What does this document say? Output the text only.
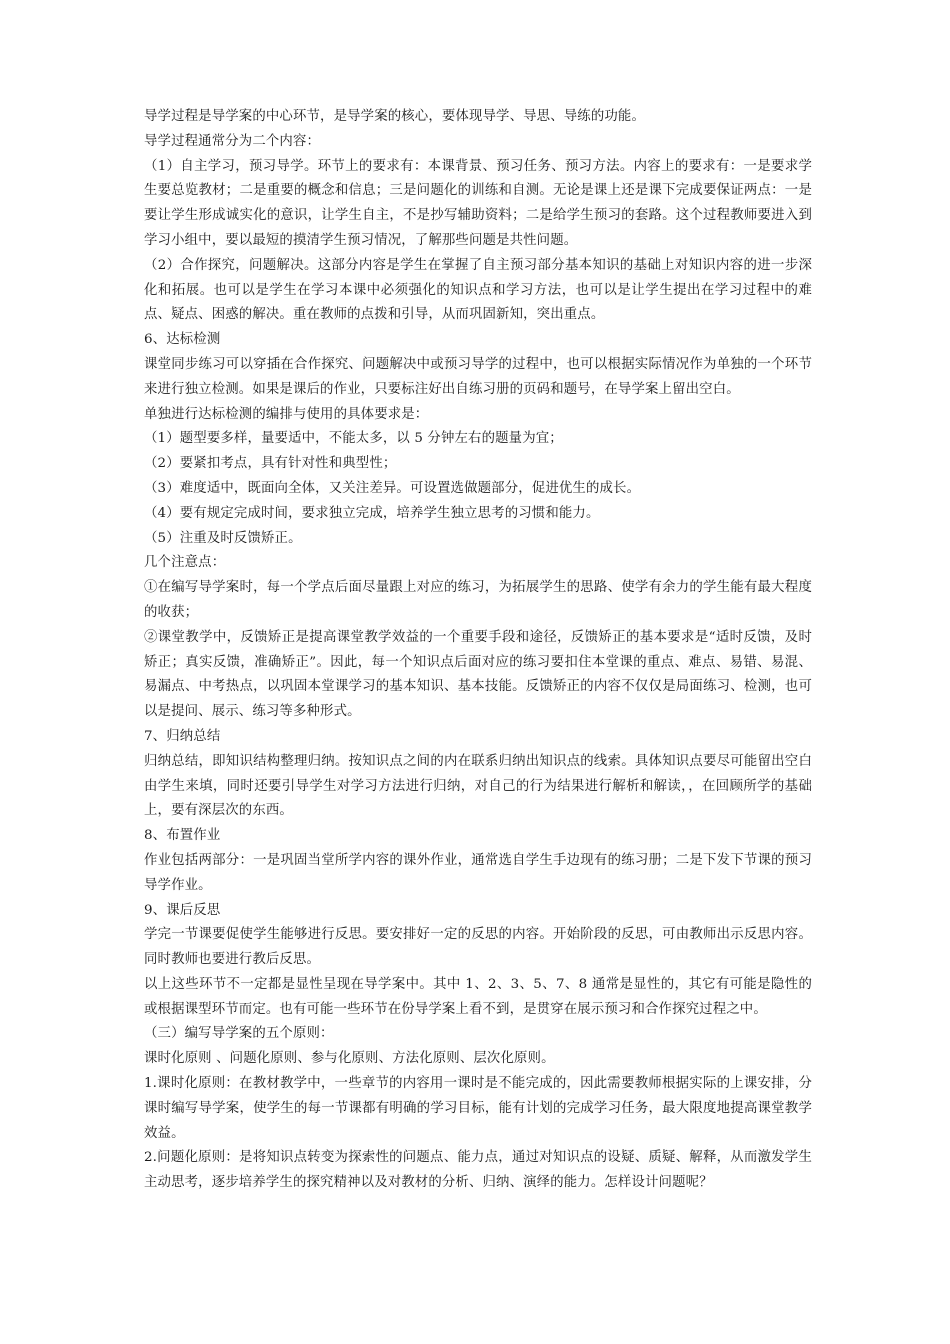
导学过程是导学案的中心环节，是导学案的核心，要体现导学、导思、导练的功能。

导学过程通常分为二个内容：

（1）自主学习，预习导学。环节上的要求有：本课背景、预习任务、预习方法。内容上的要求有：一是要求学生要总览教材；二是重要的概念和信息；三是问题化的训练和自测。无论是课上还是课下完成要保证两点：一是要让学生形成诚实化的意识，让学生自主，不是抄写辅助资料；二是给学生预习的套路。这个过程教师要进入到学习小组中，要以最短的摸清学生预习情况，了解那些问题是共性问题。

（2）合作探究，问题解决。这部分内容是学生在掌握了自主预习部分基本知识的基础上对知识内容的进一步深化和拓展。也可以是学生在学习本课中必须强化的知识点和学习方法，也可以是让学生提出在学习过程中的难点、疑点、困惑的解决。重在教师的点拨和引导，从而巩固新知，突出重点。

6、达标检测

课堂同步练习可以穿插在合作探究、问题解决中或预习导学的过程中，也可以根据实际情况作为单独的一个环节来进行独立检测。如果是课后的作业，只要标注好出自练习册的页码和题号，在导学案上留出空白。

单独进行达标检测的编排与使用的具体要求是：

（1）题型要多样，量要适中，不能太多，以 5 分钟左右的题量为宜；

（2）要紧扣考点，具有针对性和典型性；

（3）难度适中，既面向全体，又关注差异。可设置选做题部分，促进优生的成长。

（4）要有规定完成时间，要求独立完成，培养学生独立思考的习惯和能力。

（5）注重及时反馈矫正。

几个注意点：

①在编写导学案时，每一个学点后面尽量跟上对应的练习，为拓展学生的思路、使学有余力的学生能有最大程度的收获；

②课堂教学中，反馈矫正是提高课堂教学效益的一个重要手段和途径，反馈矫正的基本要求是“适时反馈，及时矫正；真实反馈，准确矫正”。因此，每一个知识点后面对应的练习要扣住本堂课的重点、难点、易错、易混、易漏点、中考热点，以巩固本堂课学习的基本知识、基本技能。反馈矫正的内容不仅仅是局面练习、检测，也可以是提问、展示、练习等多种形式。

7、归纳总结

归纳总结，即知识结构整理归纳。按知识点之间的内在联系归纳出知识点的线索。具体知识点要尽可能留出空白由学生来填，同时还要引导学生对学习方法进行归纳，对自己的行为结果进行解析和解读，，在回顾所学的基础上，要有深层次的东西。

8、布置作业

作业包括两部分：一是巩固当堂所学内容的课外作业，通常选自学生手边现有的练习册；二是下发下节课的预习导学作业。

9、课后反思

学完一节课要促使学生能够进行反思。要安排好一定的反思的内容。开始阶段的反思，可由教师出示反思内容。同时教师也要进行教后反思。

以上这些环节不一定都是显性呈现在导学案中。其中 1、2、3、5、7、8 通常是显性的，其它有可能是隐性的或根据课型环节而定。也有可能一些环节在份导学案上看不到，是贯穿在展示预习和合作探究过程之中。

（三）编写导学案的五个原则：

课时化原则 、问题化原则、参与化原则、方法化原则、层次化原则。

1.课时化原则：在教材教学中，一些章节的内容用一课时是不能完成的，因此需要教师根据实际的上课安排，分课时编写导学案，使学生的每一节课都有明确的学习目标，能有计划的完成学习任务，最大限度地提高课堂教学效益。

2.问题化原则：是将知识点转变为探索性的问题点、能力点，通过对知识点的设疑、质疑、解释，从而激发学生主动思考，逐步培养学生的探究精神以及对教材的分析、归纳、演绎的能力。怎样设计问题呢？
